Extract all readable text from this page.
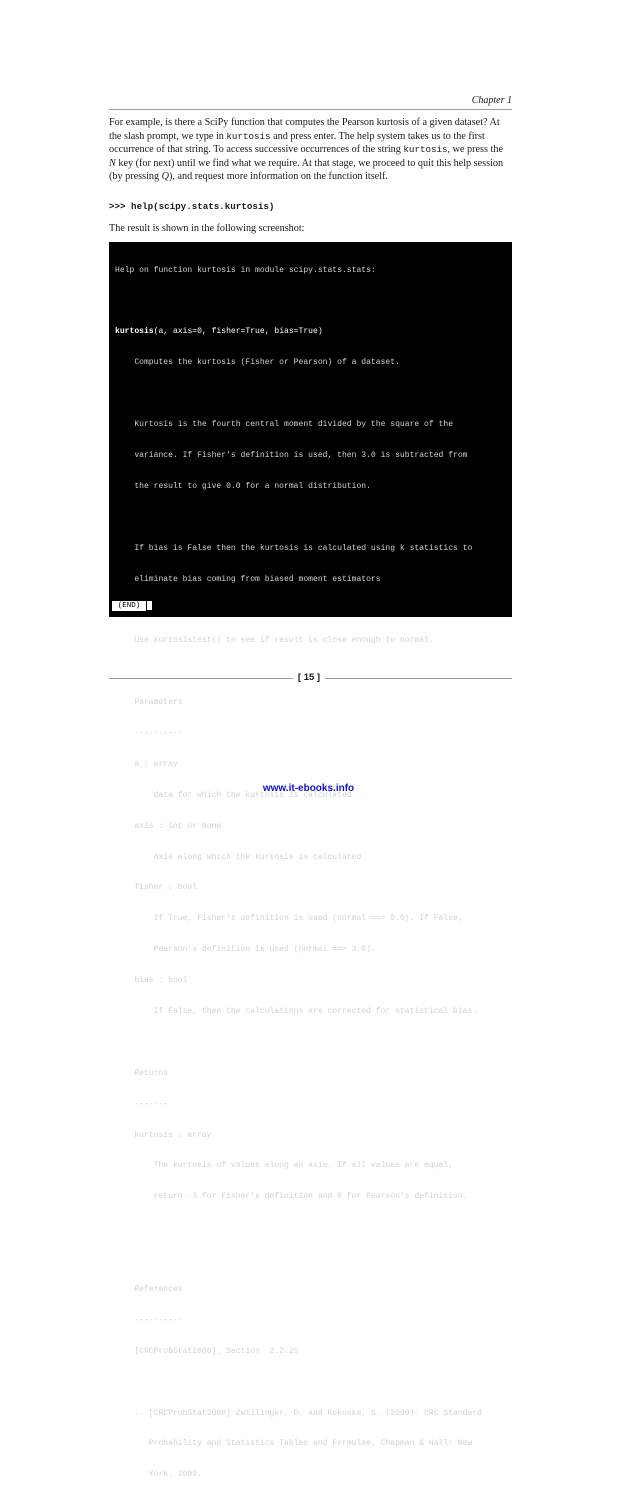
Chapter 1

For example, is there a SciPy function that computes the Pearson kurtosis of a given dataset? At the slash prompt, we type in kurtosis and press enter. The help system takes us to the first occurrence of that string. To access successive occurrences of the string kurtosis, we press the N key (for next) until we find what we require. At that stage, we proceed to quit this help session (by pressing Q), and request more information on the function itself.

>>> help(scipy.stats.kurtosis)
The result is shown in the following screenshot:

Help on function kurtosis in module scipy.stats.stats:

kurtosis(a, axis=0, fisher=True, bias=True)

Computes the kurtosis (Fisher or Pearson) of a dataset.

Kurtosis is the fourth central moment divided by the square of the

variance. If Fisher's definition is used, then 3.0 is subtracted from

the result to give 0.0 for a normal distribution.

If bias is False then the kurtosis is calculated using k statistics to

eliminate bias coming from biased moment estimators

Use kurtosistest() to see if result is close enough to normal.

Parameters

----------

a : array

data for which the kurtosis is calculated

axis : int or None

Axis along which the kurtosis is calculated

fisher : bool

If True, Fisher's definition is used (normal ==> 0.0). If False,

Pearson's definition is used (normal ==> 3.0).

bias : bool

If False, then the calculations are corrected for statistical bias.

Returns

-------

kurtosis : array

The kurtosis of values along an axis. If all values are equal,

return -3 for Fisher's definition and 0 for Pearson's definition.

References

----------

[CRCProbStat2000]_ Section  2.2.25

.. [CRCProbStat2000] Zwillinger, D. and Kokoska, S. (2000). CRC Standard

Probability and Statistics Tables and Formulae. Chapman & Hall: New

York. 2000.

(END)
[ 15 ]
www.it-ebooks.info
